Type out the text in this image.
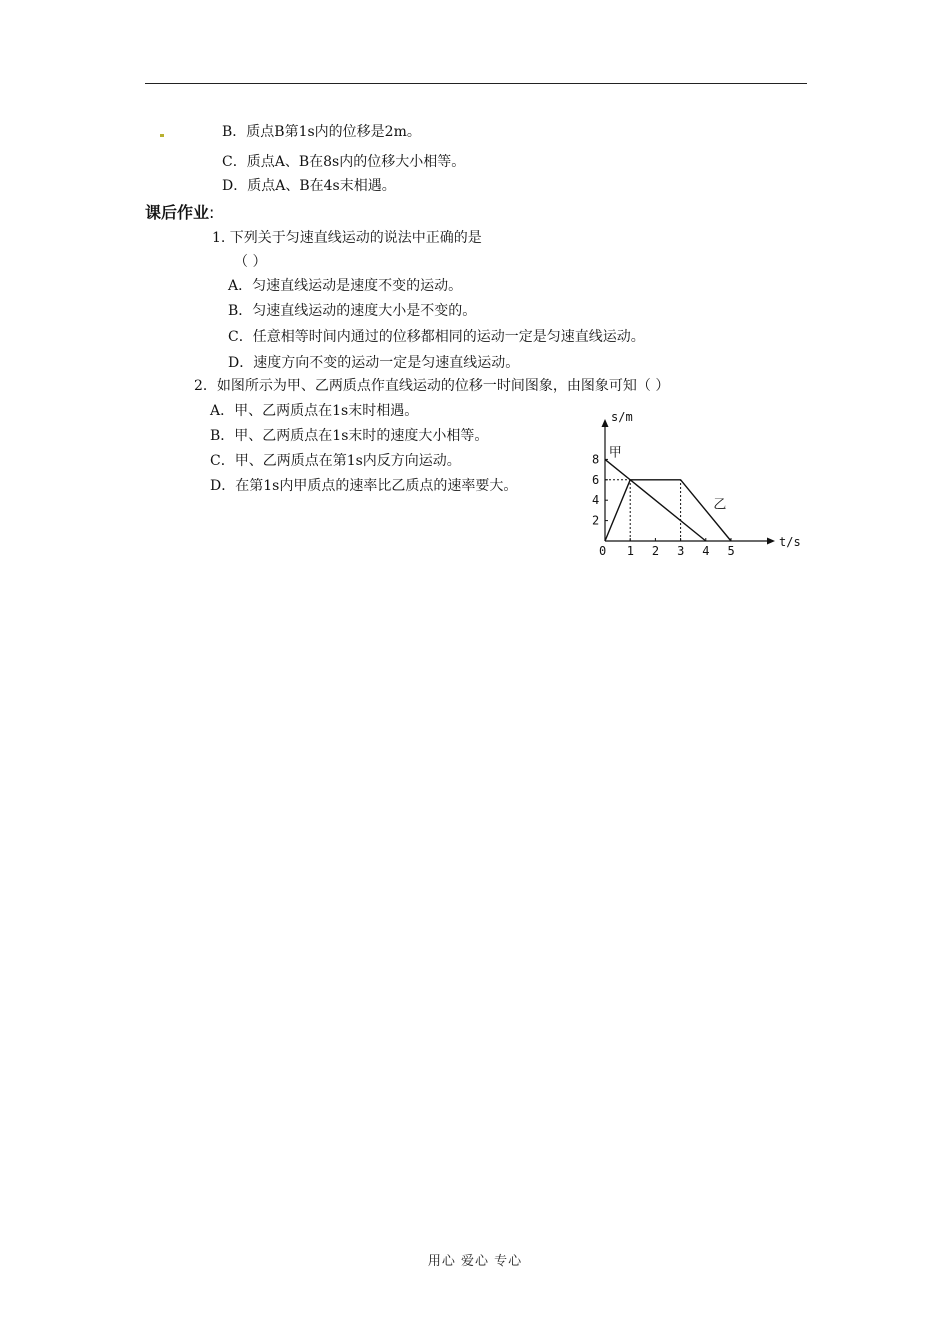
B．质点B第1s内的位移是2m。
C．质点A、B在8s内的位移大小相等。
D．质点A、B在4s末相遇。
课后作业:
1. 下列关于匀速直线运动的说法中正确的是
（ ）
A．匀速直线运动是速度不变的运动。
B．匀速直线运动的速度大小是不变的。
C．任意相等时间内通过的位移都相同的运动一定是匀速直线运动。
D．速度方向不变的运动一定是匀速直线运动。
2．如图所示为甲、乙两质点作直线运动的位移一时间图象，由图象可知（ ）
A．甲、乙两质点在1s末时相遇。
B．甲、乙两质点在1s末时的速度大小相等。
C．甲、乙两质点在第1s内反方向运动。
D．在第1s内甲质点的速率比乙质点的速率要大。
t/s
s/m
0 1 2 3 4 5
2
4
6
8 甲
乙
用心 爱心 专心
